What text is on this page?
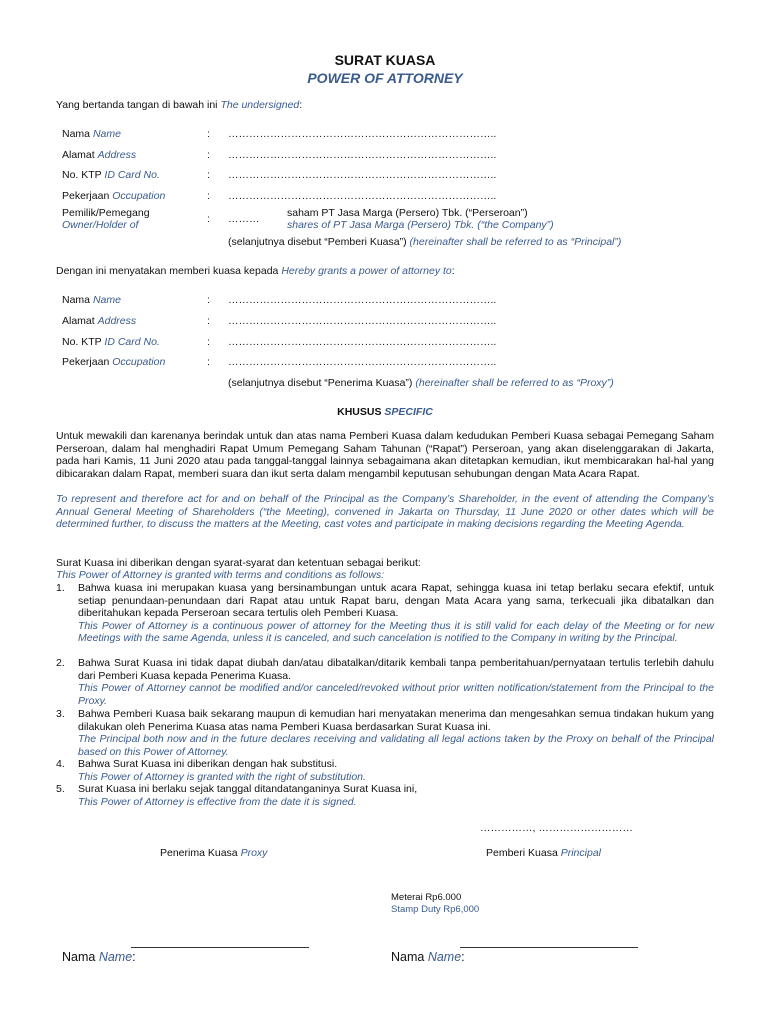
SURAT KUASA
POWER OF ATTORNEY
Yang bertanda tangan di bawah ini The undersigned:
Nama Name	: …………………………………………………………………..
Alamat Address	: …………………………………………………………………..
No. KTP ID Card No.	: …………………………………………………………………..
Pekerjaan Occupation	: …………………………………………………………………..
Pemilik/Pemegang
Owner/Holder of	: ………	saham PT Jasa Marga (Persero) Tbk. (“Perseroan”)
shares of PT Jasa Marga (Persero) Tbk. (“the Company”)
(selanjutnya disebut “Pemberi Kuasa”) (hereinafter shall be referred to as “Principal”)
Dengan ini menyatakan memberi kuasa kepada Hereby grants a power of attorney to:
Nama Name	: …………………………………………………………………..
Alamat Address	: …………………………………………………………………..
No. KTP ID Card No.	: …………………………………………………………………..
Pekerjaan Occupation	: …………………………………………………………………..
(selanjutnya disebut “Penerima Kuasa”) (hereinafter shall be referred to as “Proxy”)
KHUSUS SPECIFIC
Untuk mewakili dan karenanya berindak untuk dan atas nama Pemberi Kuasa dalam kedudukan Pemberi Kuasa sebagai Pemegang Saham Perseroan, dalam hal menghadiri Rapat Umum Pemegang Saham Tahunan (“Rapat”) Perseroan, yang akan diselenggarakan di Jakarta, pada hari Kamis, 11 Juni 2020 atau pada tanggal-tanggal lainnya sebagaimana akan ditetapkan kemudian, ikut membicarakan hal-hal yang dibicarakan dalam Rapat, memberi suara dan ikut serta dalam mengambil keputusan sehubungan dengan Mata Acara Rapat.
To represent and therefore act for and on behalf of the Principal as the Company’s Shareholder, in the event of attending the Company’s Annual General Meeting of Shareholders (“the Meeting), convened in Jakarta on Thursday, 11 June 2020 or other dates which will be determined further, to discuss the matters at the Meeting, cast votes and participate in making decisions regarding the Meeting Agenda.
Surat Kuasa ini diberikan dengan syarat-syarat dan ketentuan sebagai berikut:
This Power of Attorney is granted with terms and conditions as follows:
1. Bahwa kuasa ini merupakan kuasa yang bersinambungan untuk acara Rapat, sehingga kuasa ini tetap berlaku secara efektif, untuk setiap penundaan-penundaan dari Rapat atau untuk Rapat baru, dengan Mata Acara yang sama, terkecuali jika dibatalkan dan diberitahukan kepada Perseroan secara tertulis oleh Pemberi Kuasa.
This Power of Attorney is a continuous power of attorney for the Meeting thus it is still valid for each delay of the Meeting or for new Meetings with the same Agenda, unless it is canceled, and such cancelation is notified to the Company in writing by the Principal.
2. Bahwa Surat Kuasa ini tidak dapat diubah dan/atau dibatalkan/ditarik kembali tanpa pemberitahuan/pernyataan tertulis terlebih dahulu dari Pemberi Kuasa kepada Penerima Kuasa.
This Power of Attorney cannot be modified and/or canceled/revoked without prior written notification/statement from the Principal to the Proxy.
3. Bahwa Pemberi Kuasa baik sekarang maupun di kemudian hari menyatakan menerima dan mengesahkan semua tindakan hukum yang dilakukan oleh Penerima Kuasa atas nama Pemberi Kuasa berdasarkan Surat Kuasa ini.
The Principal both now and in the future declares receiving and validating all legal actions taken by the Proxy on behalf of the Principal based on this Power of Attorney.
4. Bahwa Surat Kuasa ini diberikan dengan hak substitusi.
This Power of Attorney is granted with the right of substitution.
5. Surat Kuasa ini berlaku sejak tanggal ditandatanganinya Surat Kuasa ini,
This Power of Attorney is effective from the date it is signed.
……………, ………………………
Penerima Kuasa Proxy	Pemberi Kuasa Principal
Meterai Rp6.000
Stamp Duty Rp6,000
Nama Name:	Nama Name:
